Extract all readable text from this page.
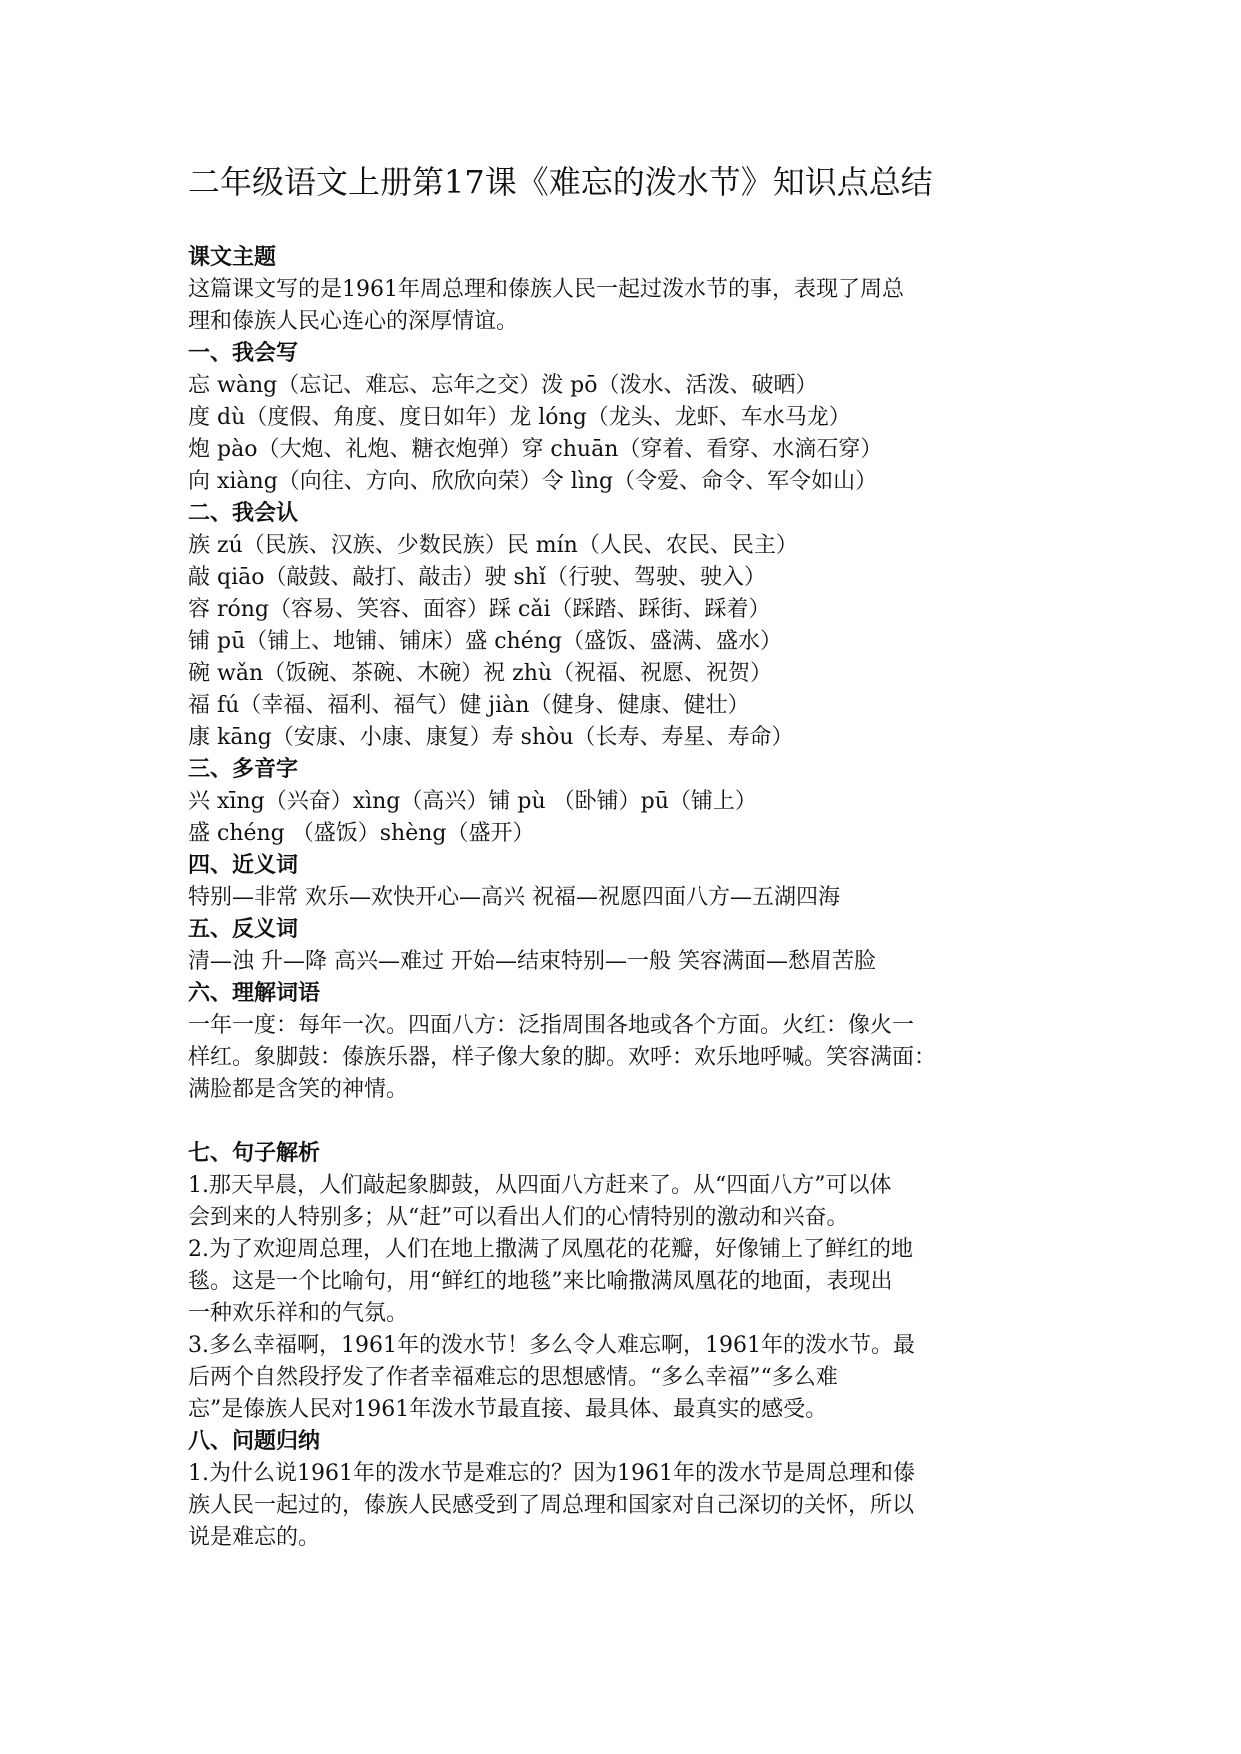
二年级语文上册第17课《难忘的泼水节》知识点总结

课文主题

这篇课文写的是1961年周总理和傣族人民一起过泼水节的事，表现了周总

理和傣族人民心连心的深厚情谊。

一、我会写

忘 wàng（忘记、难忘、忘年之交）泼 pō（泼水、活泼、破晒）

度 dù（度假、角度、度日如年）龙 lóng（龙头、龙虾、车水马龙）

炮 pào（大炮、礼炮、糖衣炮弹）穿 chuān（穿着、看穿、水滴石穿）

向 xiàng（向往、方向、欣欣向荣）令 lìng（令爱、命令、军令如山）

二、我会认

族 zú（民族、汉族、少数民族）民 mín（人民、农民、民主）

敲 qiāo（敲鼓、敲打、敲击）驶 shǐ（行驶、驾驶、驶入）

容 róng（容易、笑容、面容）踩 cǎi（踩踏、踩街、踩着）

铺 pū（铺上、地铺、铺床）盛 chéng（盛饭、盛满、盛水）

碗 wǎn（饭碗、茶碗、木碗）祝 zhù（祝福、祝愿、祝贺）

福 fú（幸福、福利、福气）健 jiàn（健身、健康、健壮）

康 kāng（安康、小康、康复）寿 shòu（长寿、寿星、寿命）

三、多音字

兴 xīng（兴奋）xìng（高兴）铺 pù （卧铺）pū（铺上）

盛 chéng （盛饭）shèng（盛开）

四、近义词

特别—非常 欢乐—欢快开心—高兴 祝福—祝愿四面八方—五湖四海

五、反义词

清—浊 升—降 高兴—难过 开始—结束特别—一般 笑容满面—愁眉苦脸

六、理解词语

一年一度：每年一次。四面八方：泛指周围各地或各个方面。火红：像火一

样红。象脚鼓：傣族乐器，样子像大象的脚。欢呼：欢乐地呼喊。笑容满面：

满脸都是含笑的神情。

七、句子解析

1.那天早晨，人们敲起象脚鼓，从四面八方赶来了。从“四面八方”可以体

会到来的人特别多；从“赶”可以看出人们的心情特别的激动和兴奋。

2.为了欢迎周总理，人们在地上撒满了凤凰花的花瓣，好像铺上了鲜红的地

毯。这是一个比喻句，用“鲜红的地毯”来比喻撒满凤凰花的地面，表现出

一种欢乐祥和的气氛。

3.多么幸福啊，1961年的泼水节！多么令人难忘啊，1961年的泼水节。最

后两个自然段抒发了作者幸福难忘的思想感情。“多么幸福”“多么难

忘”是傣族人民对1961年泼水节最直接、最具体、最真实的感受。

八、问题归纳

1.为什么说1961年的泼水节是难忘的？因为1961年的泼水节是周总理和傣

族人民一起过的，傣族人民感受到了周总理和国家对自己深切的关怀，所以

说是难忘的。
